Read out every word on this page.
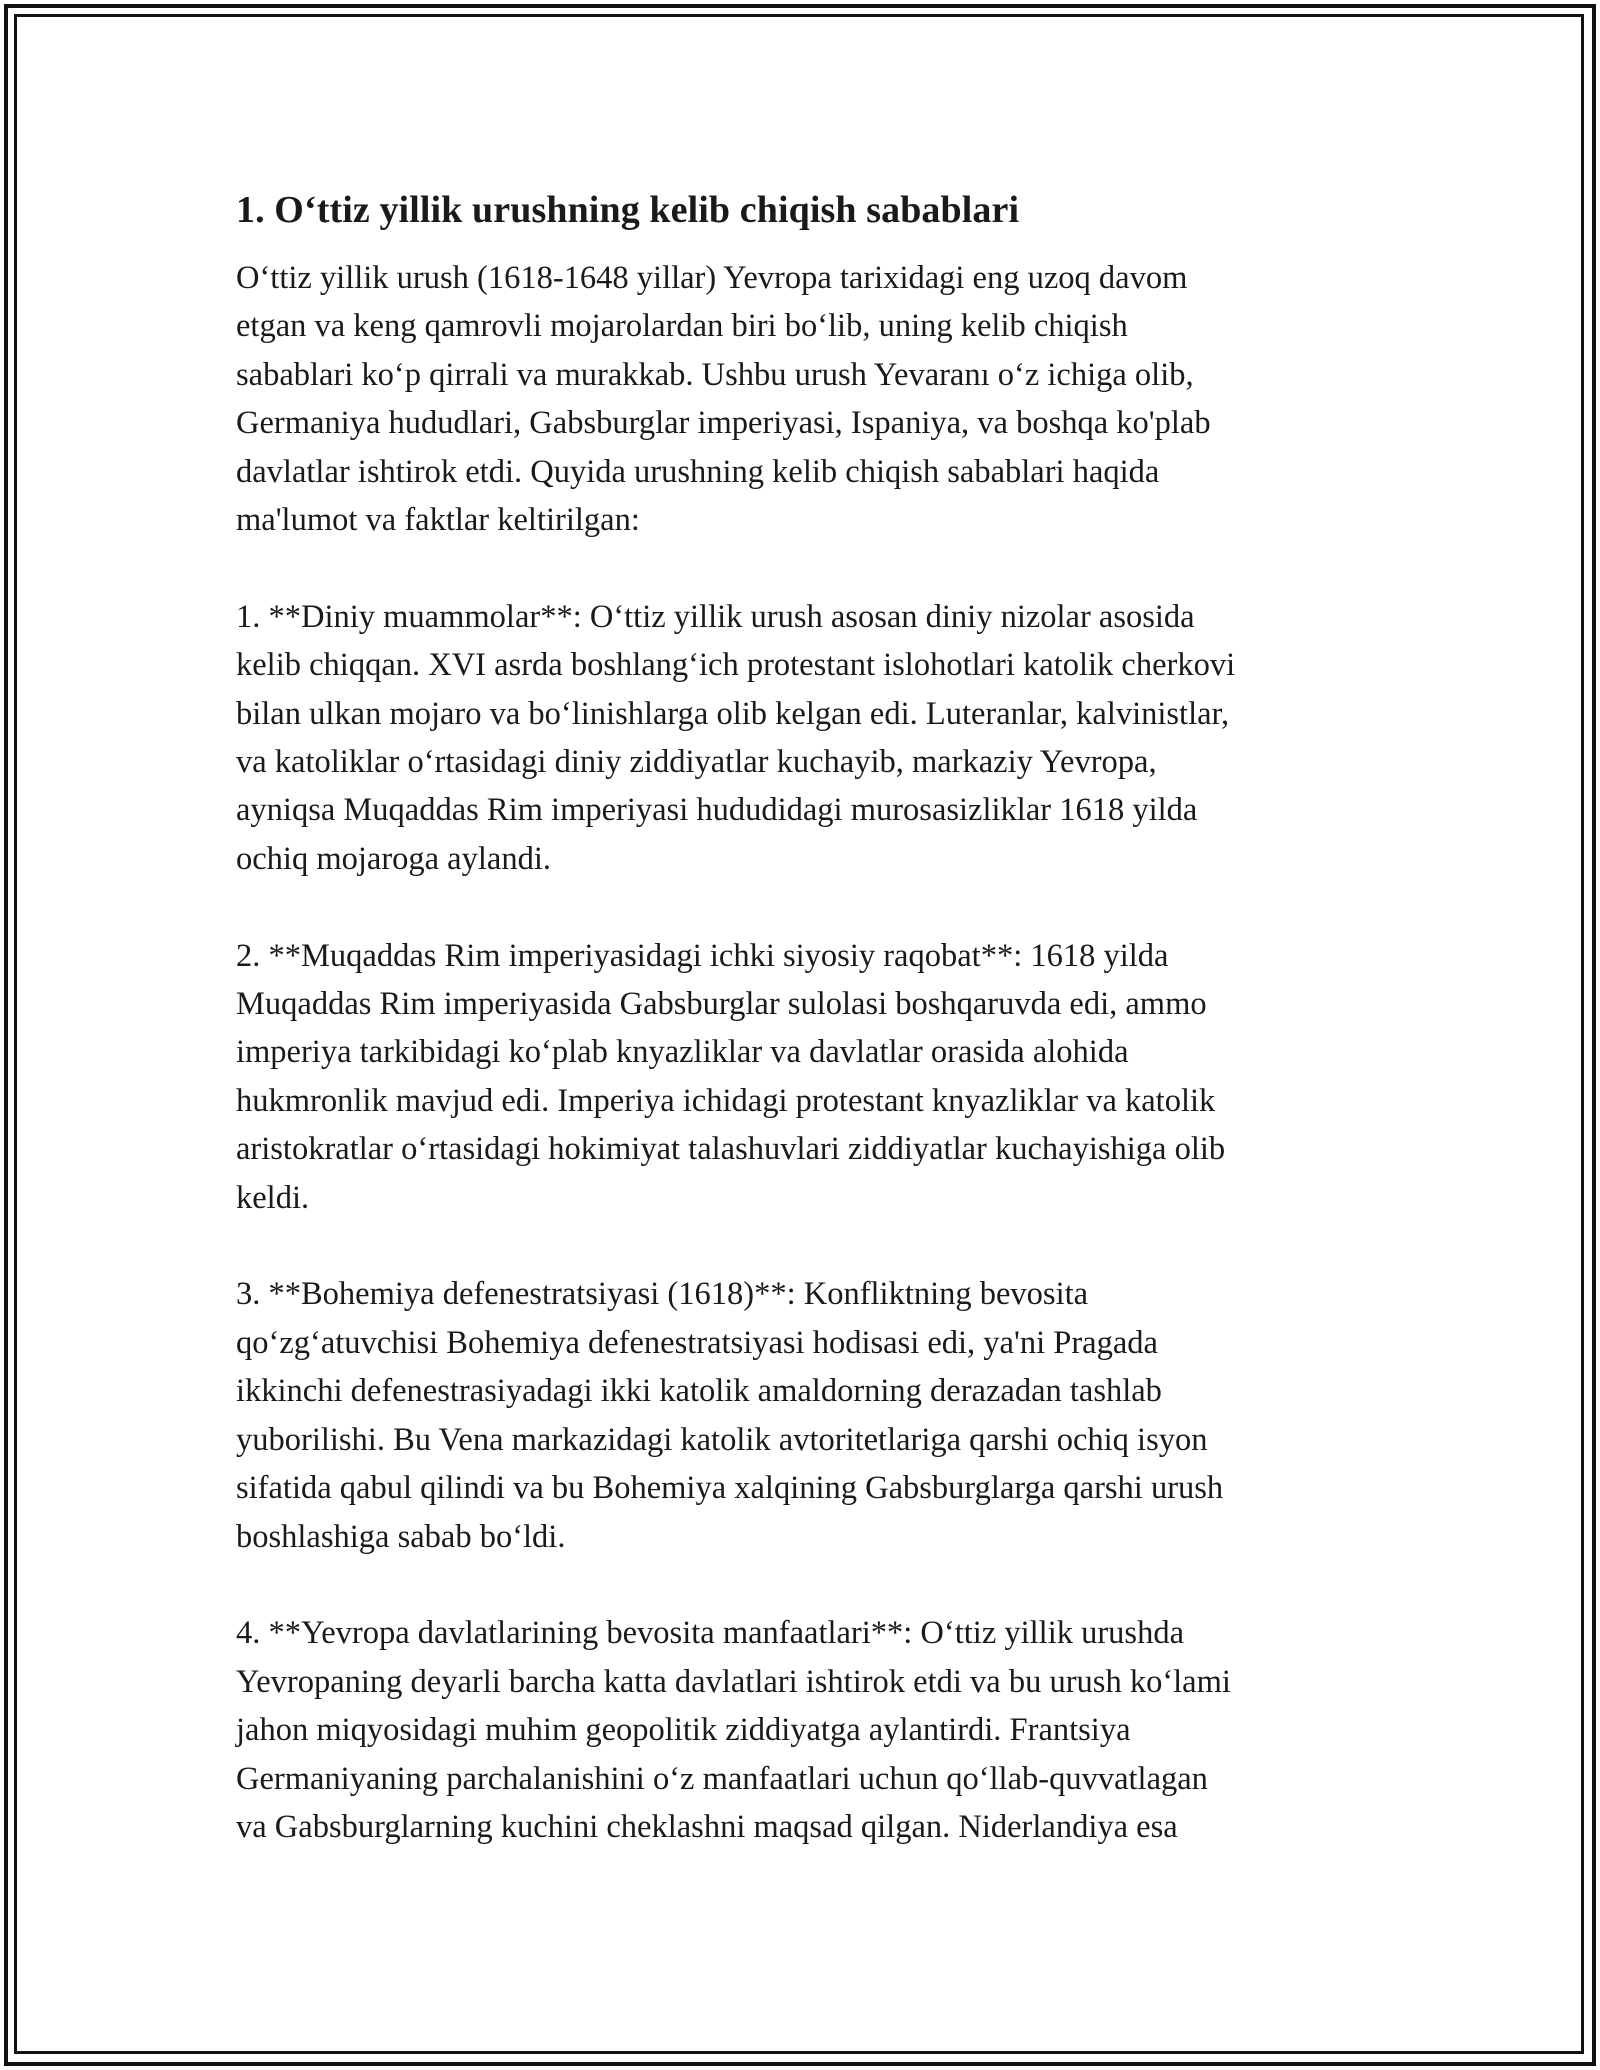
1. O‘ttiz yillik urushning kelib chiqish sabablari

O‘ttiz yillik urush (1618-1648 yillar) Yevropa tarixidagi eng uzoq davom
etgan va keng qamrovli mojarolardan biri bo‘lib, uning kelib chiqish
sabablari ko‘p qirrali va murakkab. Ushbu urush Yevaranı o‘z ichiga olib,
Germaniya hududlari, Gabsburglar imperiyasi, Ispaniya, va boshqa ko'plab
davlatlar ishtirok etdi. Quyida urushning kelib chiqish sabablari haqida
ma'lumot va faktlar keltirilgan:

1. **Diniy muammolar**: O‘ttiz yillik urush asosan diniy nizolar asosida
kelib chiqqan. XVI asrda boshlang‘ich protestant islohotlari katolik cherkovi
bilan ulkan mojaro va bo‘linishlarga olib kelgan edi. Luteranlar, kalvinistlar,
va katoliklar o‘rtasidagi diniy ziddiyatlar kuchayib, markaziy Yevropa,
ayniqsa Muqaddas Rim imperiyasi hududidagi murosasizliklar 1618 yilda
ochiq mojaroga aylandi.

2. **Muqaddas Rim imperiyasidagi ichki siyosiy raqobat**: 1618 yilda
Muqaddas Rim imperiyasida Gabsburglar sulolasi boshqaruvda edi, ammo
imperiya tarkibidagi ko‘plab knyazliklar va davlatlar orasida alohida
hukmronlik mavjud edi. Imperiya ichidagi protestant knyazliklar va katolik
aristokratlar o‘rtasidagi hokimiyat talashuvlari ziddiyatlar kuchayishiga olib
keldi.

3. **Bohemiya defenestratsiyasi (1618)**: Konfliktning bevosita
qo‘zg‘atuvchisi Bohemiya defenestratsiyasi hodisasi edi, ya'ni Pragada
ikkinchi defenestrasiyadagi ikki katolik amaldorning derazadan tashlab
yuborilishi. Bu Vena markazidagi katolik avtoritetlariga qarshi ochiq isyon
sifatida qabul qilindi va bu Bohemiya xalqining Gabsburglarga qarshi urush
boshlashiga sabab bo‘ldi.

4. **Yevropa davlatlarining bevosita manfaatlari**: O‘ttiz yillik urushda
Yevropaning deyarli barcha katta davlatlari ishtirok etdi va bu urush ko‘lami
jahon miqyosidagi muhim geopolitik ziddiyatga aylantirdi. Frantsiya
Germaniyaning parchalanishini o‘z manfaatlari uchun qo‘llab-quvvatlagan
va Gabsburglarning kuchini cheklashni maqsad qilgan. Niderlandiya esa
